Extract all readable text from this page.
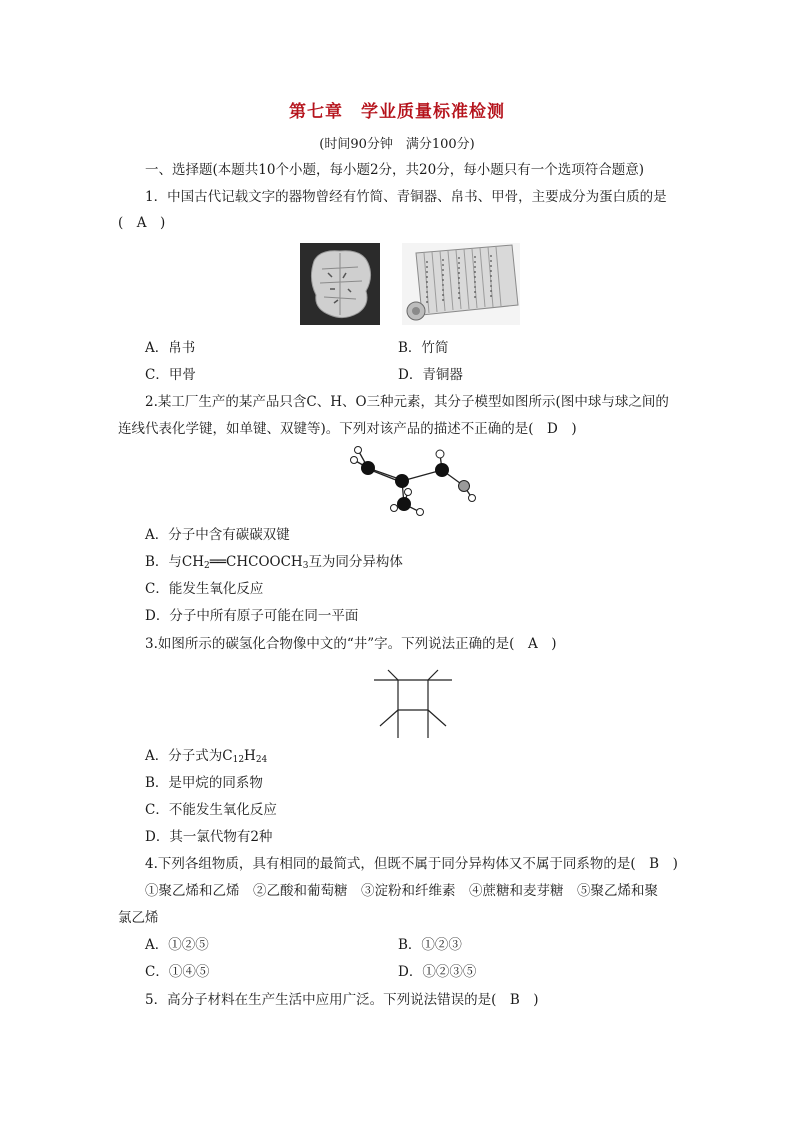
第七章　学业质量标准检测
(时间90分钟　满分100分)
一、选择题(本题共10个小题，每小题2分，共20分，每小题只有一个选项符合题意)
1．中国古代记载文字的器物曾经有竹简、青铜器、帛书、甲骨，主要成分为蛋白质的是
(　A　)
A．帛书	B．竹简
C．甲骨	D．青铜器
2.某工厂生产的某产品只含C、H、O三种元素，其分子模型如图所示(图中球与球之间的
连线代表化学键，如单键、双键等)。下列对该产品的描述不正确的是(　D　)
A．分子中含有碳碳双键
B．与$CH_2══CHCOOCH_3$互为同分异构体
C．能发生氧化反应
D．分子中所有原子可能在同一平面
3.如图所示的碳氢化合物像中文的“井”字。下列说法正确的是(　A　)
A．分子式为$C_{12}H_{24}$
B．是甲烷的同系物
C．不能发生氧化反应
D．其一氯代物有2种
4.下列各组物质，具有相同的最简式，但既不属于同分异构体又不属于同系物的是(　B　)
①聚乙烯和乙烯　②乙酸和葡萄糖　③淀粉和纤维素　④蔗糖和麦芽糖　⑤聚乙烯和聚
氯乙烯
A．①②⑤	B．①②③
C．①④⑤	D．①②③⑤
5．高分子材料在生产生活中应用广泛。下列说法错误的是(　B　)
